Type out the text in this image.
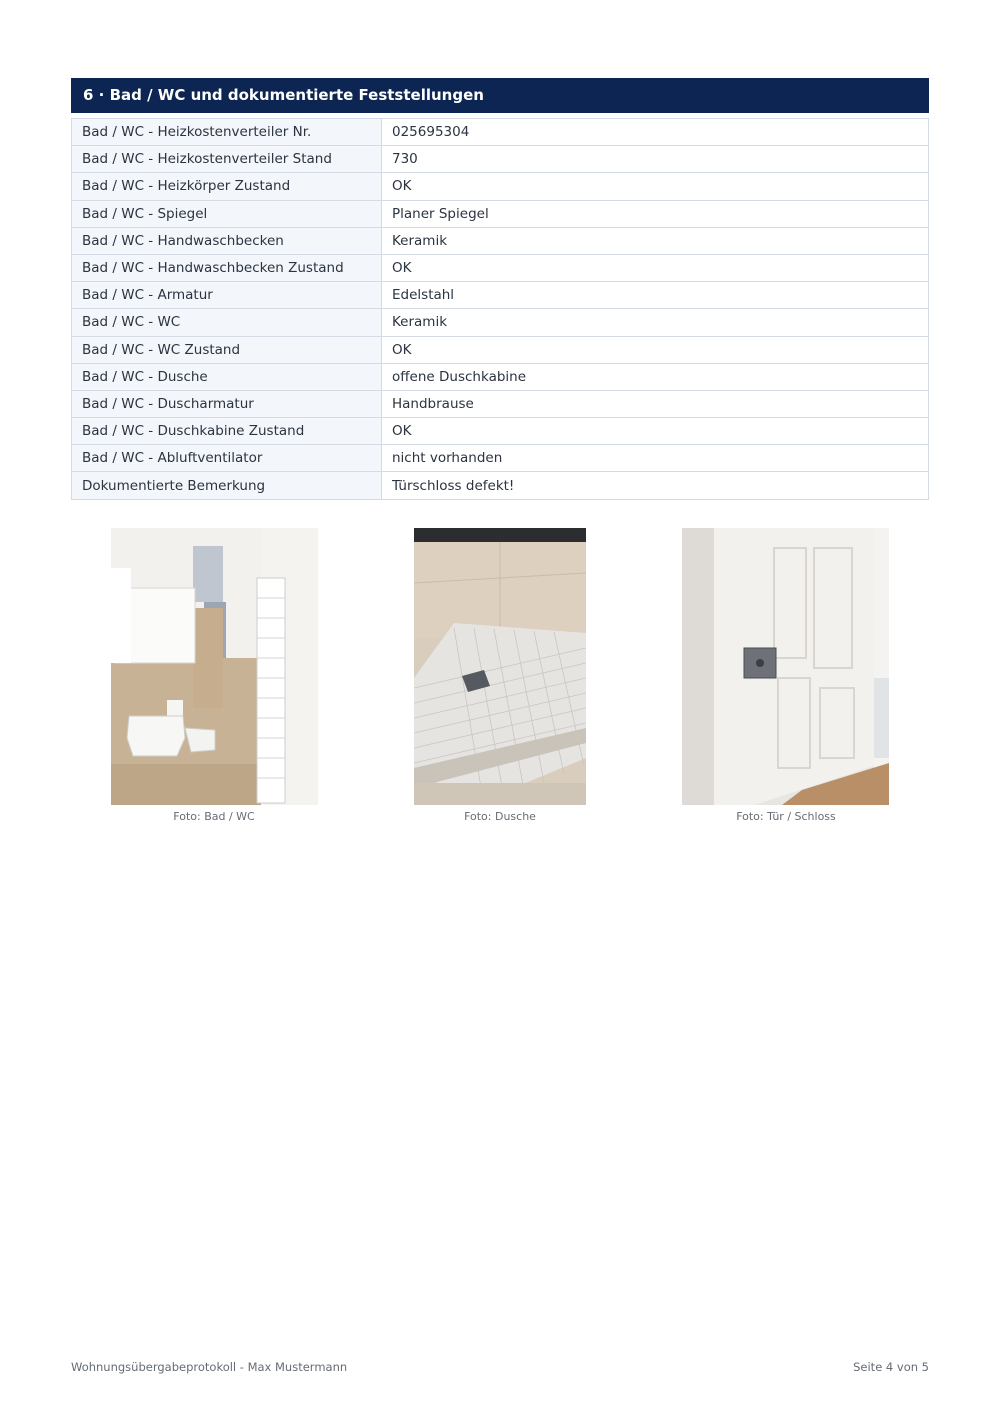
6 · Bad / WC und dokumentierte Feststellungen
Bad / WC - Heizkostenverteiler Nr.	025695304
Bad / WC - Heizkostenverteiler Stand	730
Bad / WC - Heizkörper Zustand	OK
Bad / WC - Spiegel	Planer Spiegel
Bad / WC - Handwaschbecken	Keramik
Bad / WC - Handwaschbecken Zustand	OK
Bad / WC - Armatur	Edelstahl
Bad / WC - WC	Keramik
Bad / WC - WC Zustand	OK
Bad / WC - Dusche	offene Duschkabine
Bad / WC - Duscharmatur	Handbrause
Bad / WC - Duschkabine Zustand	OK
Bad / WC - Abluftventilator	nicht vorhanden
Dokumentierte Bemerkung	Türschloss defekt!
Foto: Bad / WC	Foto: Dusche	Foto: Tür / Schloss
Wohnungsübergabeprotokoll - Max Mustermann	Seite 4 von 5
